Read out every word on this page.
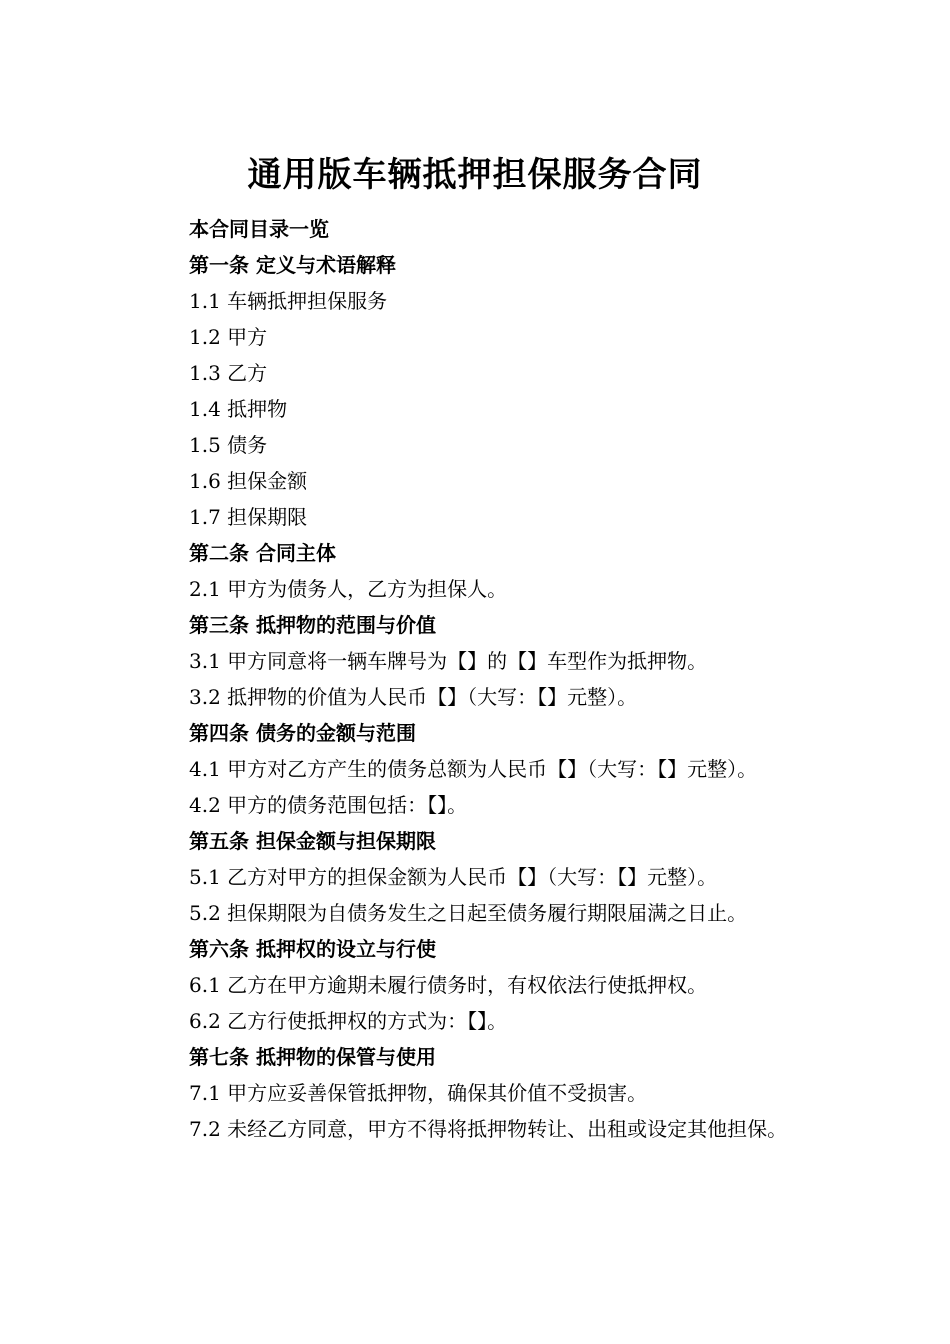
通用版车辆抵押担保服务合同
本合同目录一览
第一条 定义与术语解释
1.1 车辆抵押担保服务
1.2 甲方
1.3 乙方
1.4 抵押物
1.5 债务
1.6 担保金额
1.7 担保期限
第二条 合同主体
2.1 甲方为债务人，乙方为担保人。
第三条 抵押物的范围与价值
3.1 甲方同意将一辆车牌号为【】的【】车型作为抵押物。
3.2 抵押物的价值为人民币【】（大写：【】元整）。
第四条 债务的金额与范围
4.1 甲方对乙方产生的债务总额为人民币【】（大写：【】元整）。
4.2 甲方的债务范围包括：【】。
第五条 担保金额与担保期限
5.1 乙方对甲方的担保金额为人民币【】（大写：【】元整）。
5.2 担保期限为自债务发生之日起至债务履行期限届满之日止。
第六条 抵押权的设立与行使
6.1 乙方在甲方逾期未履行债务时，有权依法行使抵押权。
6.2 乙方行使抵押权的方式为：【】。
第七条 抵押物的保管与使用
7.1 甲方应妥善保管抵押物，确保其价值不受损害。
7.2 未经乙方同意，甲方不得将抵押物转让、出租或设定其他担保。
